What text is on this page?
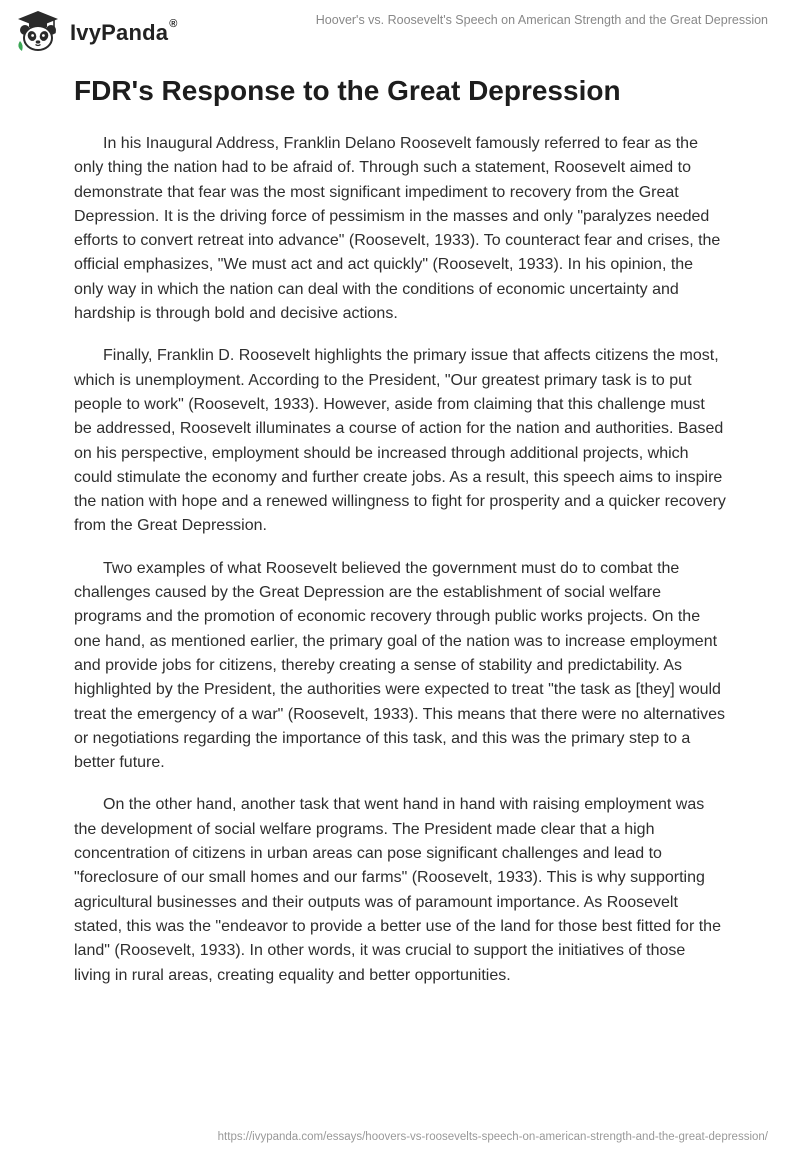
IvyPanda®	Hoover's vs. Roosevelt's Speech on American Strength and the Great Depression
FDR's Response to the Great Depression

In his Inaugural Address, Franklin Delano Roosevelt famously referred to fear as the only thing the nation had to be afraid of. Through such a statement, Roosevelt aimed to demonstrate that fear was the most significant impediment to recovery from the Great Depression. It is the driving force of pessimism in the masses and only "paralyzes needed efforts to convert retreat into advance" (Roosevelt, 1933). To counteract fear and crises, the official emphasizes, "We must act and act quickly" (Roosevelt, 1933). In his opinion, the only way in which the nation can deal with the conditions of economic uncertainty and hardship is through bold and decisive actions.

Finally, Franklin D. Roosevelt highlights the primary issue that affects citizens the most, which is unemployment. According to the President, "Our greatest primary task is to put people to work" (Roosevelt, 1933). However, aside from claiming that this challenge must be addressed, Roosevelt illuminates a course of action for the nation and authorities. Based on his perspective, employment should be increased through additional projects, which could stimulate the economy and further create jobs. As a result, this speech aims to inspire the nation with hope and a renewed willingness to fight for prosperity and a quicker recovery from the Great Depression.

Two examples of what Roosevelt believed the government must do to combat the challenges caused by the Great Depression are the establishment of social welfare programs and the promotion of economic recovery through public works projects. On the one hand, as mentioned earlier, the primary goal of the nation was to increase employment and provide jobs for citizens, thereby creating a sense of stability and predictability. As highlighted by the President, the authorities were expected to treat "the task as [they] would treat the emergency of a war" (Roosevelt, 1933). This means that there were no alternatives or negotiations regarding the importance of this task, and this was the primary step to a better future.

On the other hand, another task that went hand in hand with raising employment was the development of social welfare programs. The President made clear that a high concentration of citizens in urban areas can pose significant challenges and lead to "foreclosure of our small homes and our farms" (Roosevelt, 1933). This is why supporting agricultural businesses and their outputs was of paramount importance. As Roosevelt stated, this was the "endeavor to provide a better use of the land for those best fitted for the land" (Roosevelt, 1933). In other words, it was crucial to support the initiatives of those living in rural areas, creating equality and better opportunities.

https://ivypanda.com/essays/hoovers-vs-roosevelts-speech-on-american-strength-and-the-great-depression/
